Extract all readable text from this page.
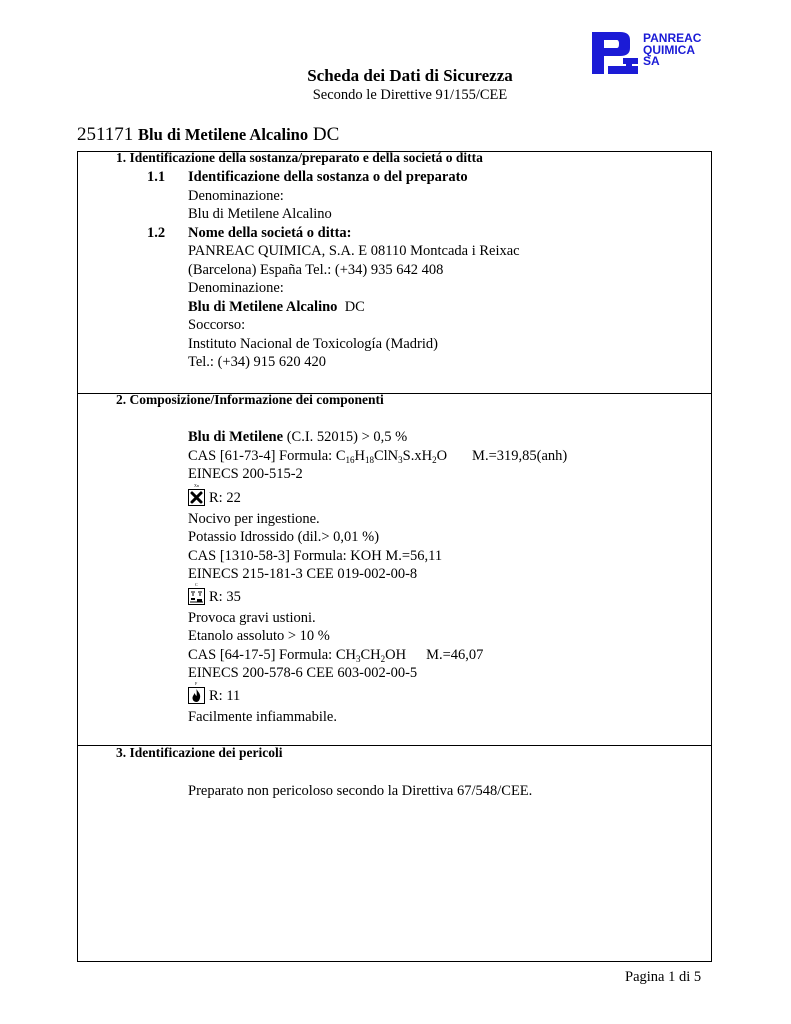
PANREAC
QUIMICA
SA
Scheda dei Dati di Sicurezza
Secondo le Direttive 91/155/CEE
251171 Blu di Metilene Alcalino DC
1. Identificazione della sostanza/preparato e della societá o ditta
1.1 Identificazione della sostanza o del preparato
Denominazione:
Blu di Metilene Alcalino
1.2 Nome della societá o ditta:
PANREAC QUIMICA, S.A. E 08110 Montcada i Reixac
(Barcelona) España Tel.: (+34) 935 642 408
Denominazione:
Blu di Metilene Alcalino DC
Soccorso:
Instituto Nacional de Toxicología (Madrid)
Tel.: (+34) 915 620 420
2. Composizione/Informazione dei componenti
Blu di Metilene (C.I. 52015) > 0,5 %
CAS [61-73-4] Formula: $C_{16}H_{18}ClN_3S.xH_2O$ M.=319,85(anh)
EINECS 200-515-2
Xn
R: 22
Nocivo per ingestione.
Potassio Idrossido (dil.> 0,01 %)
CAS [1310-58-3] Formula: KOH M.=56,11
EINECS 215-181-3 CEE 019-002-00-8
C
R: 35
Provoca gravi ustioni.
Etanolo assoluto > 10 %
CAS [64-17-5] Formula: $CH_3CH_2OH$ M.=46,07
EINECS 200-578-6 CEE 603-002-00-5
F
R: 11
Facilmente infiammabile.
3. Identificazione dei pericoli
Preparato non pericoloso secondo la Direttiva 67/548/CEE.
Pagina 1 di 5
